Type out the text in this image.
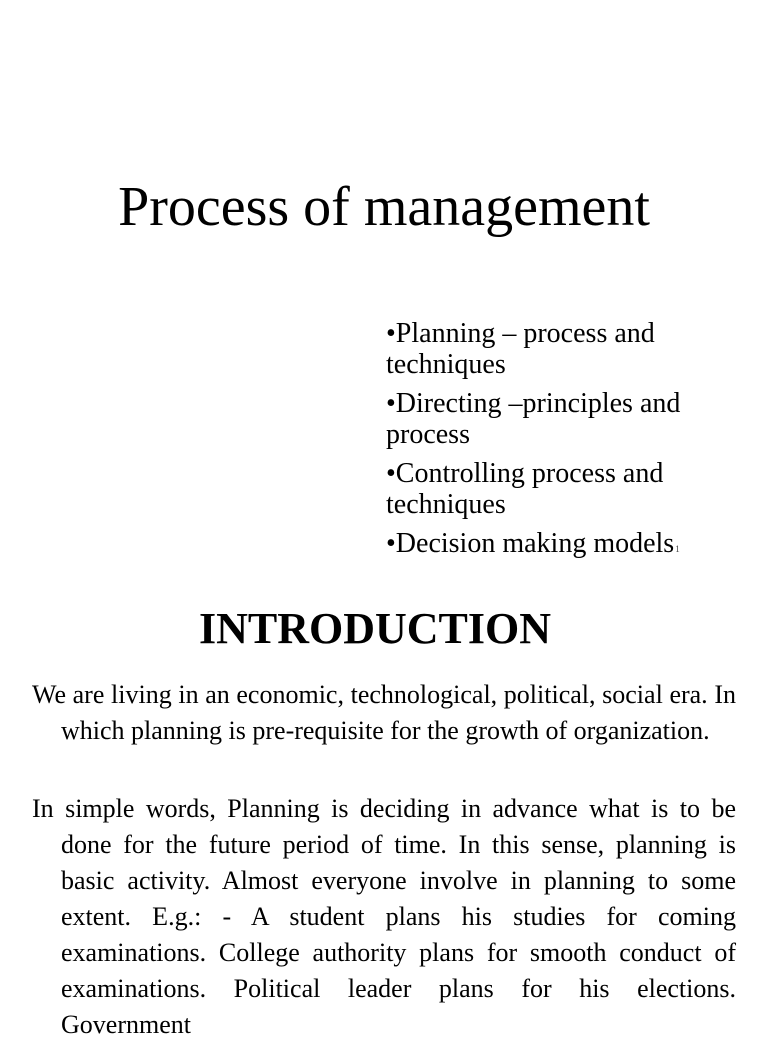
Process of management
•Planning – process and techniques
•Directing –principles and process
•Controlling process and techniques
•Decision making models1
INTRODUCTION

We are living in an economic, technological, political, social era. In which planning is pre-requisite for the growth of organization.

In simple words, Planning is deciding in advance what is to be done for the future period of time. In this sense, planning is basic activity. Almost everyone involve in planning to some extent. E.g.: - A student plans his studies for coming examinations. College authority plans for smooth conduct of examinations. Political leader plans for his elections. Government
